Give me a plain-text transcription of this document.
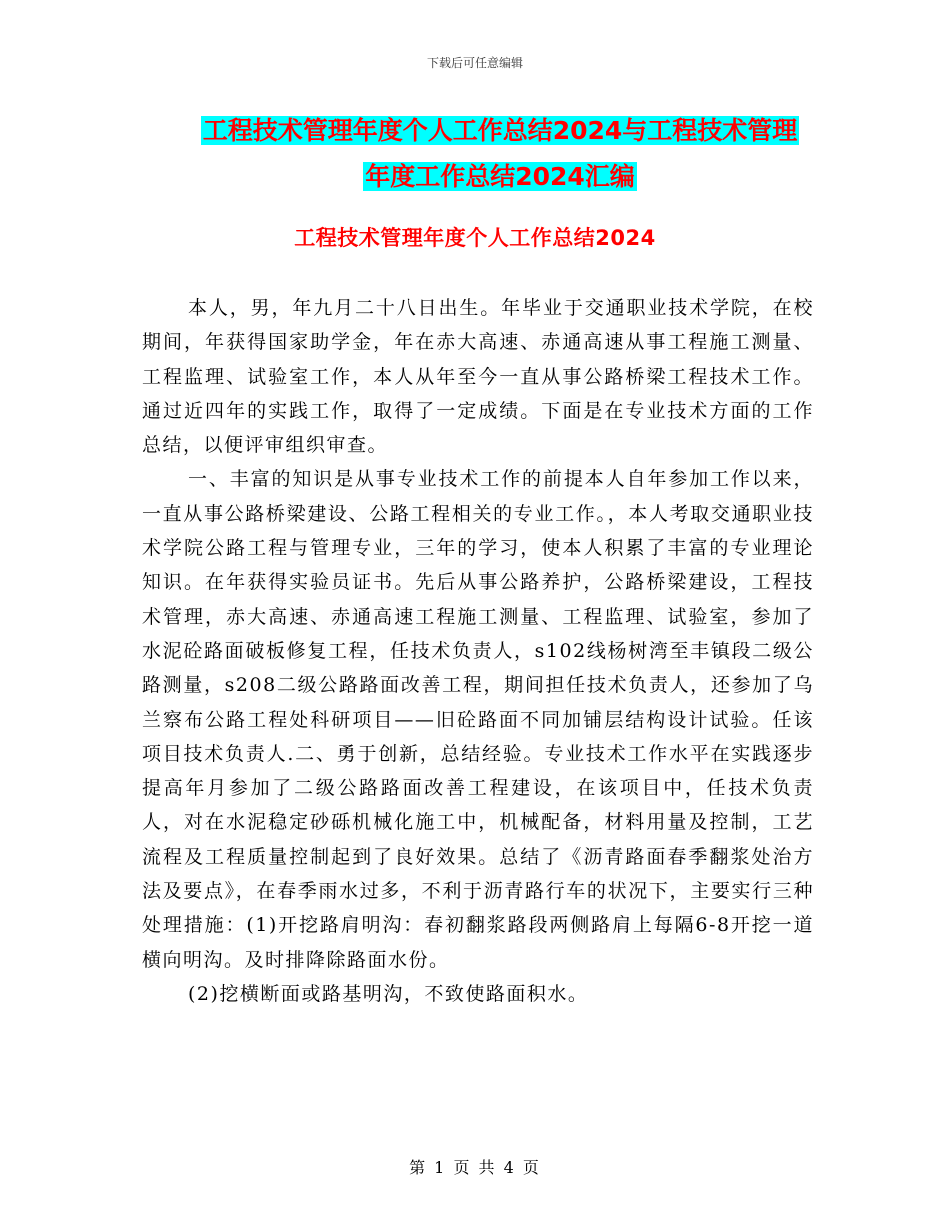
下载后可任意编辑
工程技术管理年度个人工作总结2024与工程技术管理
年度工作总结2024汇编
工程技术管理年度个人工作总结2024

本人，男，年九月二十八日出生。年毕业于交通职业技术学院，在校期间，年获得国家助学金，年在赤大高速、赤通高速从事工程施工测量、工程监理、试验室工作，本人从年至今一直从事公路桥梁工程技术工作。通过近四年的实践工作，取得了一定成绩。下面是在专业技术方面的工作总结，以便评审组织审查。

一、丰富的知识是从事专业技术工作的前提本人自年参加工作以来，一直从事公路桥梁建设、公路工程相关的专业工作。，本人考取交通职业技术学院公路工程与管理专业，三年的学习，使本人积累了丰富的专业理论知识。在年获得实验员证书。先后从事公路养护，公路桥梁建设，工程技术管理，赤大高速、赤通高速工程施工测量、工程监理、试验室，参加了水泥砼路面破板修复工程，任技术负责人，s102线杨树湾至丰镇段二级公路测量，s208二级公路路面改善工程，期间担任技术负责人，还参加了乌兰察布公路工程处科研项目——旧砼路面不同加铺层结构设计试验。任该项目技术负责人.二、勇于创新，总结经验。专业技术工作水平在实践逐步提高年月参加了二级公路路面改善工程建设，在该项目中，任技术负责人，对在水泥稳定砂砾机械化施工中，机械配备，材料用量及控制，工艺流程及工程质量控制起到了良好效果。总结了《沥青路面春季翻浆处治方法及要点》，在春季雨水过多，不利于沥青路行车的状况下，主要实行三种处理措施：(1)开挖路肩明沟：春初翻浆路段两侧路肩上每隔6-8开挖一道横向明沟。及时排降除路面水份。

(2)挖横断面或路基明沟，不致使路面积水。

第 1 页 共 4 页
